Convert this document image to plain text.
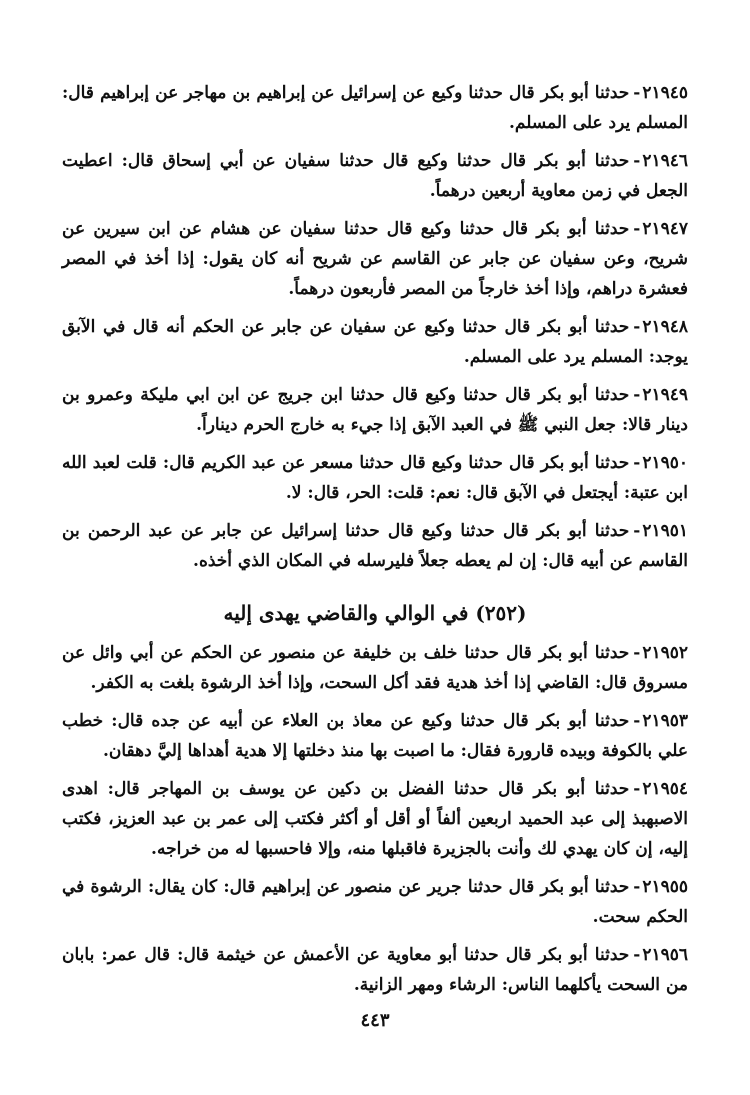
٢١٩٤٥-حدثنا أبو بكر قال حدثنا وكيع عن إسرائيل عن إبراهيم بن مهاجر عن إبراهيم قال: المسلم يرد على المسلم.

٢١٩٤٦-حدثنا أبو بكر قال حدثنا وكيع قال حدثنا سفيان عن أبي إسحاق قال: اعطيت الجعل في زمن معاوية أربعين درهماً.

٢١٩٤٧-حدثنا أبو بكر قال حدثنا وكيع قال حدثنا سفيان عن هشام عن ابن سيرين عن شريح، وعن سفيان عن جابر عن القاسم عن شريح أنه كان يقول: إذا أخذ في المصر فعشرة دراهم، وإذا أخذ خارجاً من المصر فأربعون درهماً.

٢١٩٤٨-حدثنا أبو بكر قال حدثنا وكيع عن سفيان عن جابر عن الحكم أنه قال في الآبق يوجد: المسلم يرد على المسلم.

٢١٩٤٩-حدثنا أبو بكر قال حدثنا وكيع قال حدثنا ابن جريج عن ابن ابي مليكة وعمرو بن دينار قالا: جعل النبي ﷺ في العبد الآبق إذا جيء به خارج الحرم ديناراً.

٢١٩٥٠-حدثنا أبو بكر قال حدثنا وكيع قال حدثنا مسعر عن عبد الكريم قال: قلت لعبد الله ابن عتبة: أيجتعل في الآبق قال: نعم: قلت: الحر، قال: لا.

٢١٩٥١-حدثنا أبو بكر قال حدثنا وكيع قال حدثنا إسرائيل عن جابر عن عبد الرحمن بن القاسم عن أبيه قال: إن لم يعطه جعلاً فليرسله في المكان الذي أخذه.

(٢٥٢) في الوالي والقاضي يهدى إليه

٢١٩٥٢-حدثنا أبو بكر قال حدثنا خلف بن خليفة عن منصور عن الحكم عن أبي وائل عن مسروق قال: القاضي إذا أخذ هدية فقد أكل السحت، وإذا أخذ الرشوة بلغت به الكفر.

٢١٩٥٣-حدثنا أبو بكر قال حدثنا وكيع عن معاذ بن العلاء عن أبيه عن جده قال: خطب علي بالكوفة وبيده قارورة فقال: ما اصبت بها منذ دخلتها إلا هدية أهداها إليَّ دهقان.

٢١٩٥٤-حدثنا أبو بكر قال حدثنا الفضل بن دكين عن يوسف بن المهاجر قال: اهدى الاصبهبذ إلى عبد الحميد اربعين ألفاً أو أقل أو أكثر فكتب إلى عمر بن عبد العزيز، فكتب إليه، إن كان يهدي لك وأنت بالجزيرة فاقبلها منه، وإلا فاحسبها له من خراجه.

٢١٩٥٥-حدثنا أبو بكر قال حدثنا جرير عن منصور عن إبراهيم قال: كان يقال: الرشوة في الحكم سحت.

٢١٩٥٦-حدثنا أبو بكر قال حدثنا أبو معاوية عن الأعمش عن خيثمة قال: قال عمر: بابان من السحت يأكلهما الناس: الرشاء ومهر الزانية.

٤٤٣
